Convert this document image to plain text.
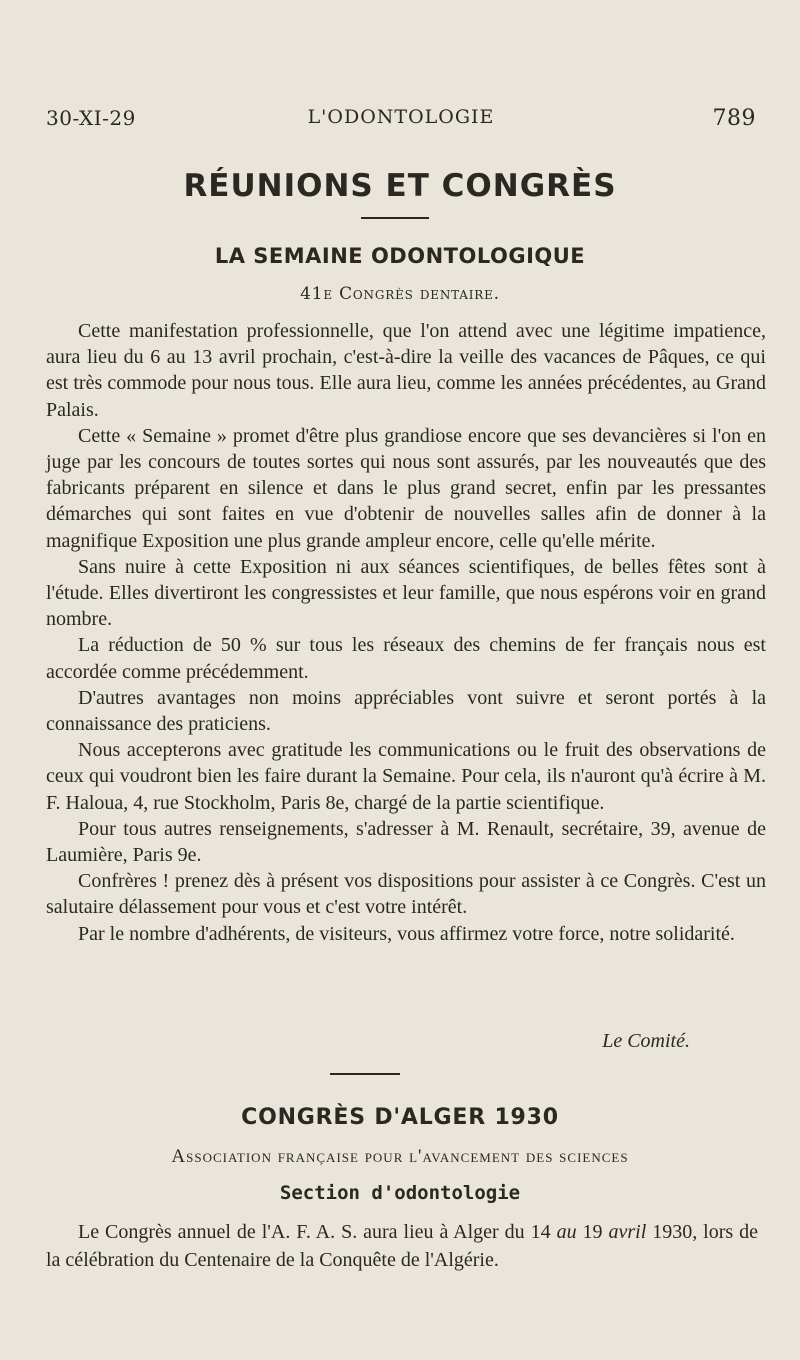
30-XI-29	L'ODONTOLOGIE	789
RÉUNIONS ET CONGRÈS
LA SEMAINE ODONTOLOGIQUE
41e Congrès dentaire.

Cette manifestation professionnelle, que l'on attend avec une légitime impatience, aura lieu du 6 au 13 avril prochain, c'est-à-dire la veille des vacances de Pâques, ce qui est très commode pour nous tous. Elle aura lieu, comme les années précédentes, au Grand Palais.

Cette « Semaine » promet d'être plus grandiose encore que ses devancières si l'on en juge par les concours de toutes sortes qui nous sont assurés, par les nouveautés que des fabricants préparent en silence et dans le plus grand secret, enfin par les pressantes démarches qui sont faites en vue d'obtenir de nouvelles salles afin de donner à la magnifique Exposition une plus grande ampleur encore, celle qu'elle mérite.

Sans nuire à cette Exposition ni aux séances scientifiques, de belles fêtes sont à l'étude. Elles divertiront les congressistes et leur famille, que nous espérons voir en grand nombre.

La réduction de 50 % sur tous les réseaux des chemins de fer français nous est accordée comme précédemment.

D'autres avantages non moins appréciables vont suivre et seront portés à la connaissance des praticiens.

Nous accepterons avec gratitude les communications ou le fruit des observations de ceux qui voudront bien les faire durant la Semaine. Pour cela, ils n'auront qu'à écrire à M. F. Haloua, 4, rue Stockholm, Paris 8e, chargé de la partie scientifique.

Pour tous autres renseignements, s'adresser à M. Renault, secrétaire, 39, avenue de Laumière, Paris 9e.

Confrères ! prenez dès à présent vos dispositions pour assister à ce Congrès. C'est un salutaire délassement pour vous et c'est votre intérêt.

Par le nombre d'adhérents, de visiteurs, vous affirmez votre force, notre solidarité.

Le Comité.
CONGRÈS D'ALGER 1930
Association française pour l'avancement des sciences
Section d'odontologie

Le Congrès annuel de l'A. F. A. S. aura lieu à Alger du 14 au 19 avril 1930, lors de la célébration du Centenaire de la Conquête de l'Algérie.
